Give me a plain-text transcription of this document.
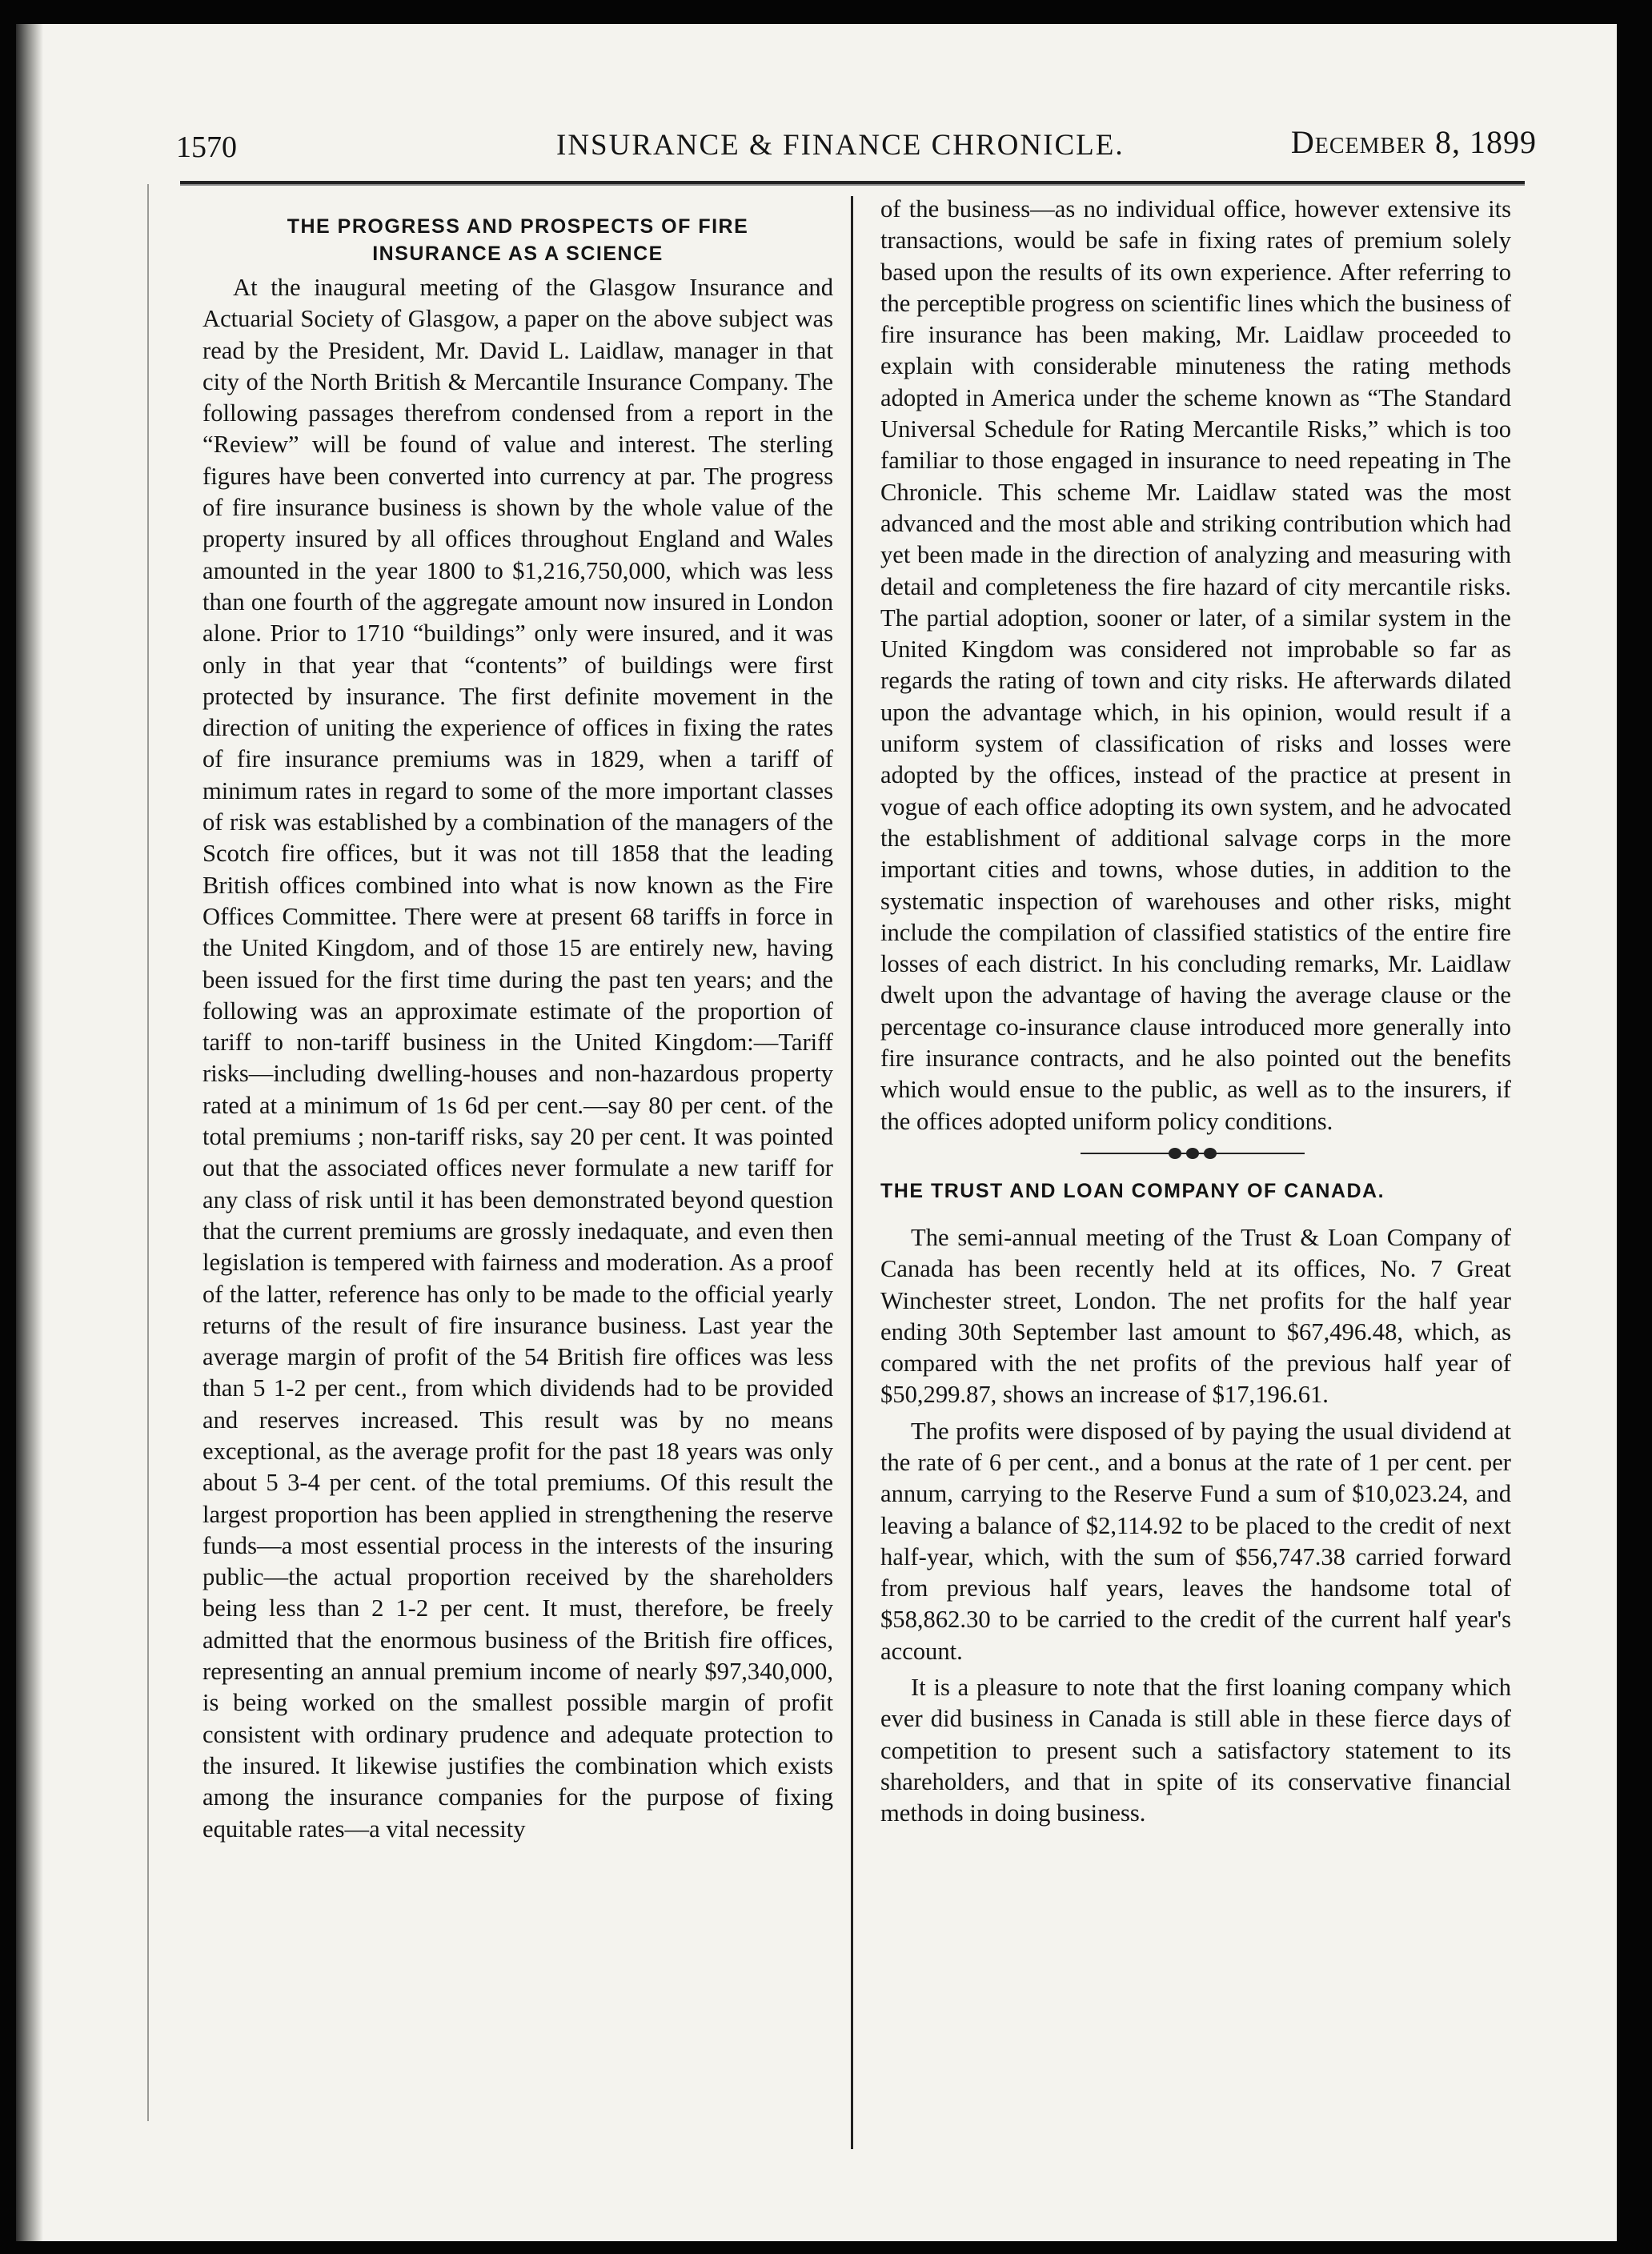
1570	INSURANCE & FINANCE CHRONICLE.	December 8, 1899
THE PROGRESS AND PROSPECTS OF FIRE
INSURANCE AS A SCIENCE

At the inaugural meeting of the Glasgow Insurance and Actuarial Society of Glasgow, a paper on the above subject was read by the President, Mr. David L. Laidlaw, manager in that city of the North British & Mercantile Insurance Company. The following passages therefrom condensed from a report in the “Review” will be found of value and interest. The sterling figures have been converted into currency at par. The progress of fire insurance business is shown by the whole value of the property insured by all offices throughout England and Wales amounted in the year 1800 to $1,216,750,000, which was less than one fourth of the aggregate amount now insured in London alone. Prior to 1710 “buildings” only were insured, and it was only in that year that “contents” of buildings were first protected by insurance. The first definite movement in the direction of uniting the experience of offices in fixing the rates of fire insurance premiums was in 1829, when a tariff of minimum rates in regard to some of the more important classes of risk was established by a combination of the managers of the Scotch fire offices, but it was not till 1858 that the leading British offices combined into what is now known as the Fire Offices Committee. There were at present 68 tariffs in force in the United Kingdom, and of those 15 are entirely new, having been issued for the first time during the past ten years; and the following was an approximate estimate of the proportion of tariff to non-tariff business in the United Kingdom:—Tariff risks—including dwelling-houses and non-hazardous property rated at a minimum of 1s 6d per cent.—say 80 per cent. of the total premiums ; non-tariff risks, say 20 per cent. It was pointed out that the associated offices never formulate a new tariff for any class of risk until it has been demonstrated beyond question that the current premiums are grossly inedaquate, and even then legislation is tempered with fairness and moderation. As a proof of the latter, reference has only to be made to the official yearly returns of the result of fire insurance business. Last year the average margin of profit of the 54 British fire offices was less than 5 1-2 per cent., from which dividends had to be provided and reserves increased. This result was by no means exceptional, as the average profit for the past 18 years was only about 5 3-4 per cent. of the total premiums. Of this result the largest proportion has been applied in strengthening the reserve funds—a most essential process in the interests of the insuring public—the actual proportion received by the shareholders being less than 2 1-2 per cent. It must, therefore, be freely admitted that the enormous business of the British fire offices, representing an annual premium income of nearly $97,340,000, is being worked on the smallest possible margin of profit consistent with ordinary prudence and adequate protection to the insured. It likewise justifies the combination which exists among the insurance companies for the purpose of fixing equitable rates—a vital necessity

of the business—as no individual office, however extensive its transactions, would be safe in fixing rates of premium solely based upon the results of its own experience. After referring to the perceptible progress on scientific lines which the business of fire insurance has been making, Mr. Laidlaw proceeded to explain with considerable minuteness the rating methods adopted in America under the scheme known as “The Standard Universal Schedule for Rating Mercantile Risks,” which is too familiar to those engaged in insurance to need repeating in The Chronicle. This scheme Mr. Laidlaw stated was the most advanced and the most able and striking contribution which had yet been made in the direction of analyzing and measuring with detail and completeness the fire hazard of city mercantile risks. The partial adoption, sooner or later, of a similar system in the United Kingdom was considered not improbable so far as regards the rating of town and city risks. He afterwards dilated upon the advantage which, in his opinion, would result if a uniform system of classification of risks and losses were adopted by the offices, instead of the practice at present in vogue of each office adopting its own system, and he advocated the establishment of additional salvage corps in the more important cities and towns, whose duties, in addition to the systematic inspection of warehouses and other risks, might include the compilation of classified statistics of the entire fire losses of each district. In his concluding remarks, Mr. Laidlaw dwelt upon the advantage of having the average clause or the percentage co-insurance clause introduced more generally into fire insurance contracts, and he also pointed out the benefits which would ensue to the public, as well as to the insurers, if the offices adopted uniform policy conditions.

THE TRUST AND LOAN COMPANY OF CANADA.

The semi-annual meeting of the Trust & Loan Company of Canada has been recently held at its offices, No. 7 Great Winchester street, London. The net profits for the half year ending 30th September last amount to $67,496.48, which, as compared with the net profits of the previous half year of $50,299.87, shows an increase of $17,196.61.

The profits were disposed of by paying the usual dividend at the rate of 6 per cent., and a bonus at the rate of 1 per cent. per annum, carrying to the Reserve Fund a sum of $10,023.24, and leaving a balance of $2,114.92 to be placed to the credit of next half-year, which, with the sum of $56,747.38 carried forward from previous half years, leaves the handsome total of $58,862.30 to be carried to the credit of the current half year's account.

It is a pleasure to note that the first loaning company which ever did business in Canada is still able in these fierce days of competition to present such a satisfactory statement to its shareholders, and that in spite of its conservative financial methods in doing business.
